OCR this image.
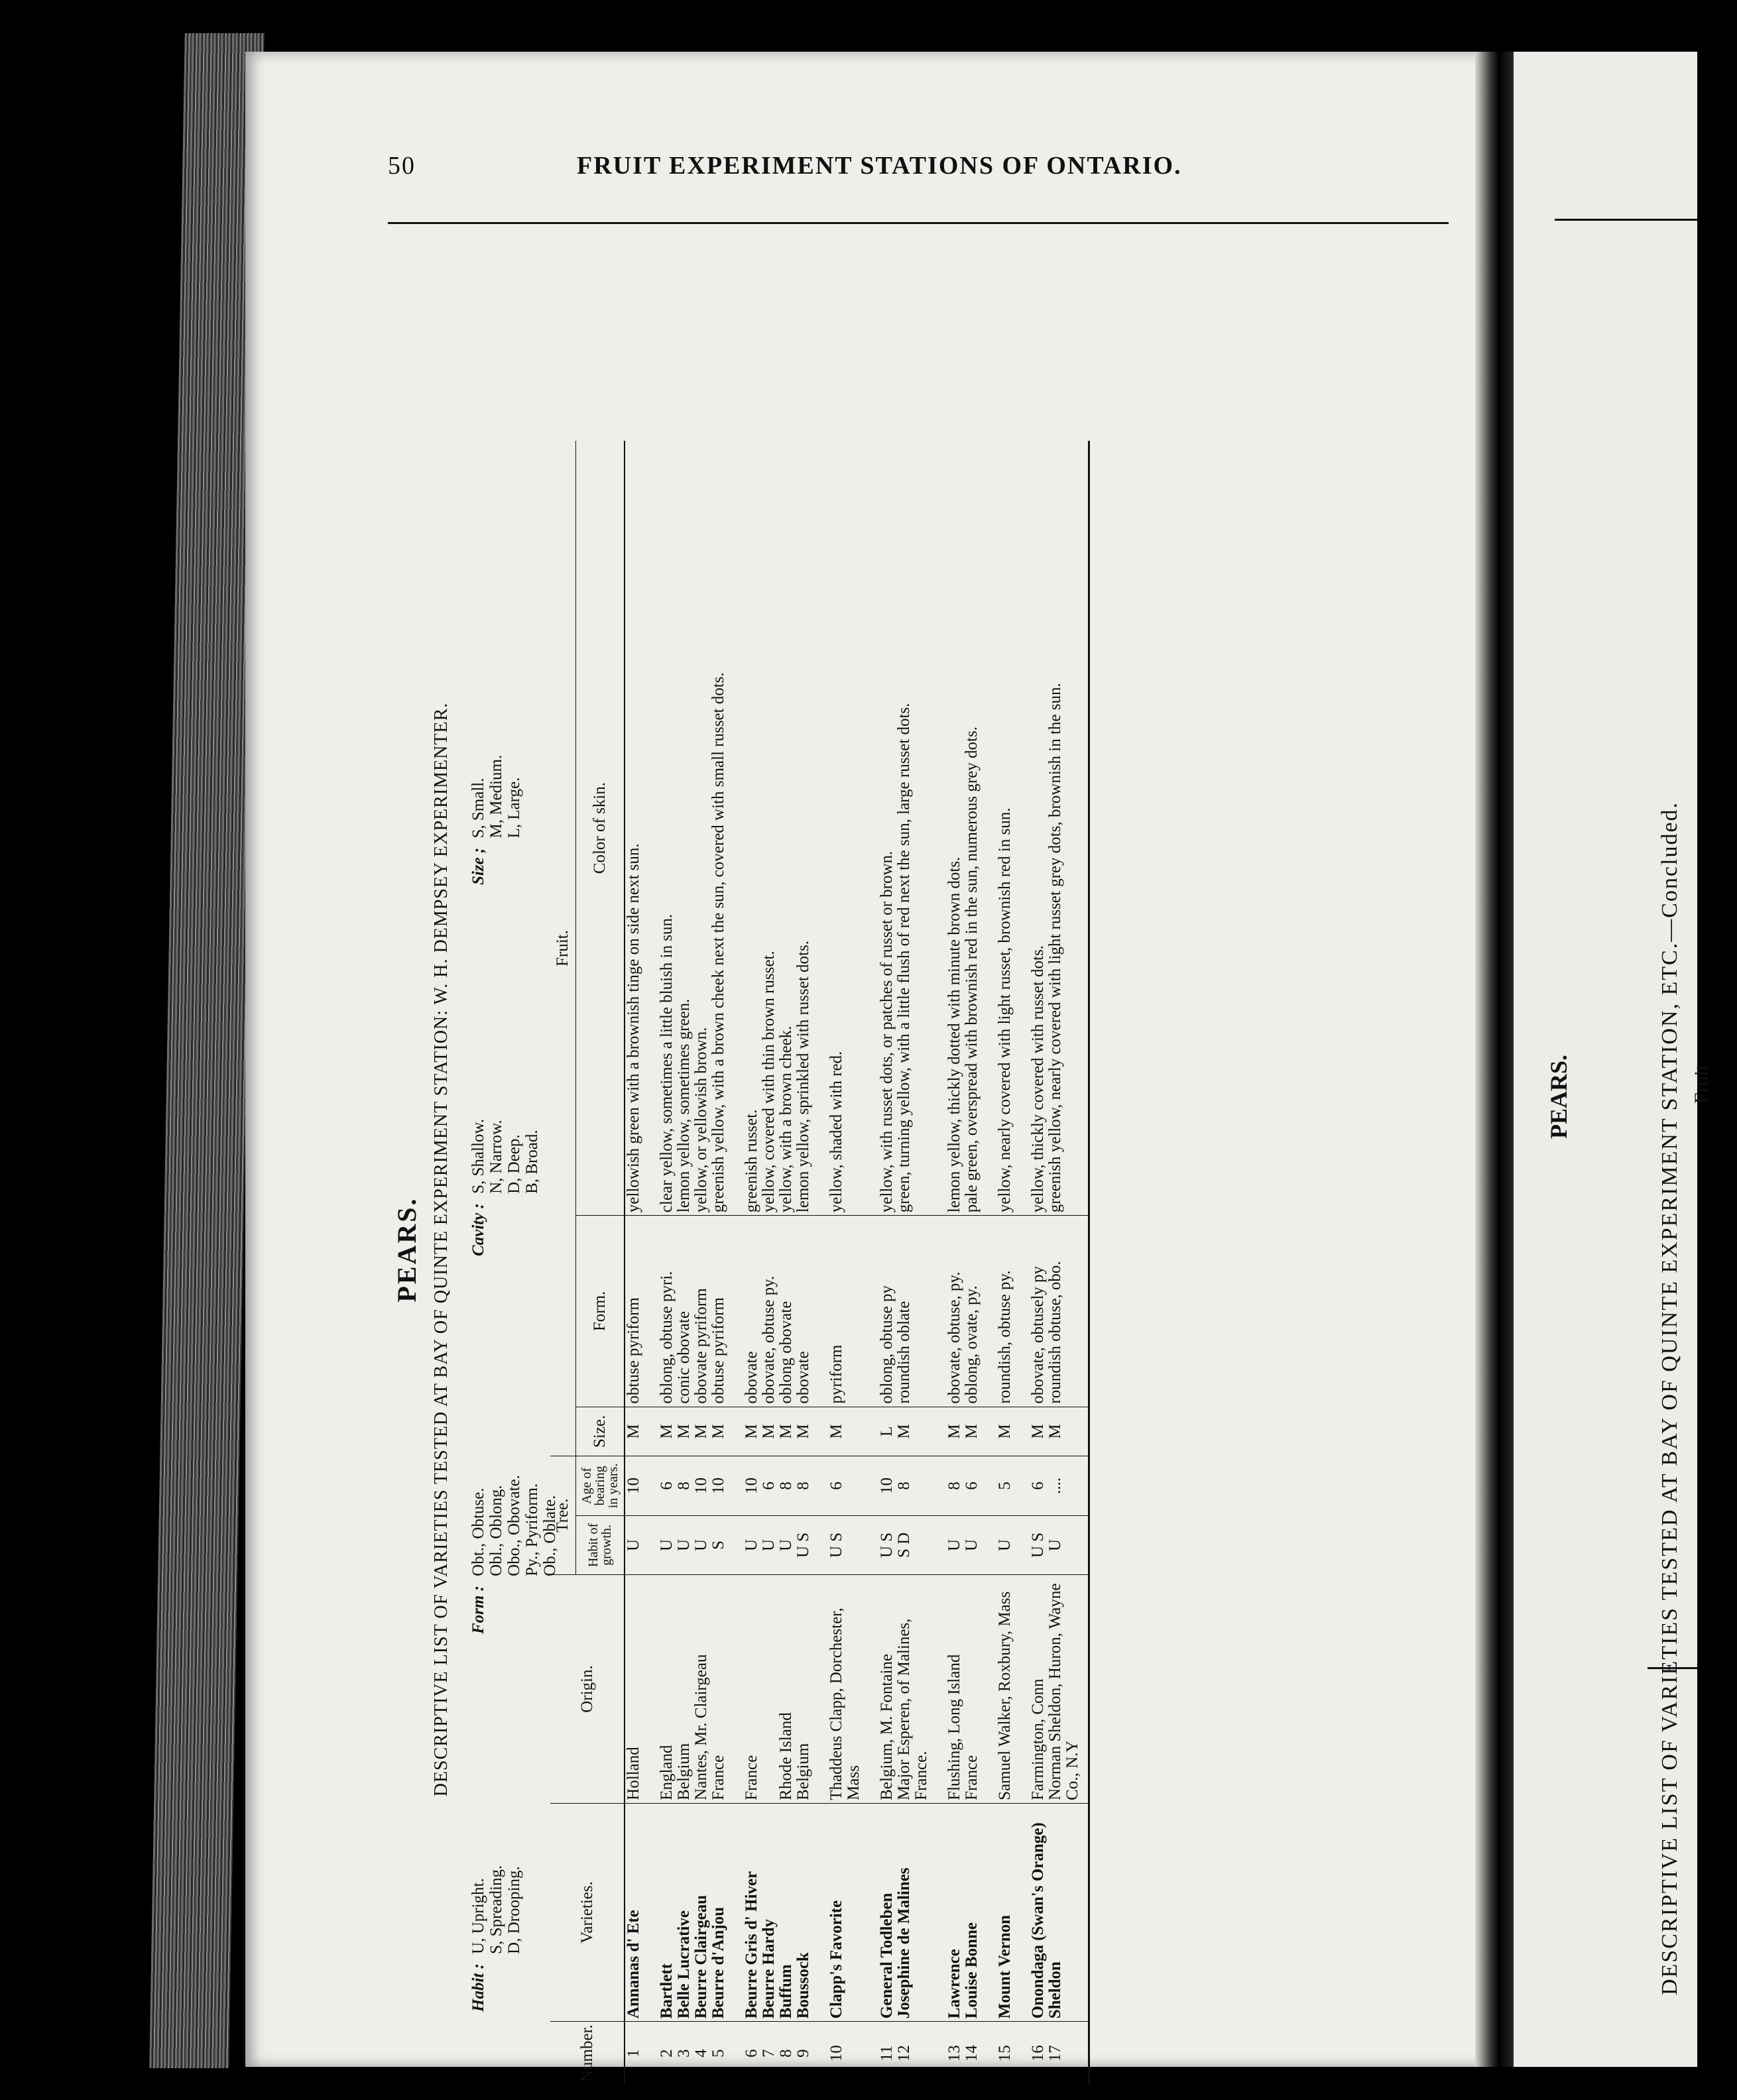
50	FRUIT EXPERIMENT STATIONS OF ONTARIO.
PEARS. DESCRIPTIVE LIST OF VARIETIES TESTED AT BAY OF QUINTE EXPERIMENT STATION: W. H. DEMPSEY EXPERIMENTER.
Habit :
U, Upright. S, Spreading. D, Drooping.
Form :
Obt., Obtuse. Obl., Oblong. Obo., Obovate. Py., Pyriform. Ob., Oblate.
Cavity :
S, Shallow. N, Narrow. D, Deep. B, Broad.
Size ;
S, Small. M, Medium. L, Large.
Number.	Varieties.	Origin.	Tree.		Fruit.		
			Habit of growth.	Age of bearing in years.	Size.	Form.	Color of skin.
1	Annanas d' Ete	Holland	U	10	M	obtuse pyriform	yellowish green with a brownish tinge on side next sun.
2	Bartlett	England	U	6	M	oblong, obtuse pyri.	clear yellow, sometimes a little bluish in sun.
3	Belle Lucrative	Belgium	U	8	M	conic obovate	lemon yellow, sometimes green.
4	Beurre Clairgeau	Nantes, Mr. Clairgeau	U	10	M	obovate pyriform	yellow, or yellowish brown.
5	Beurre d'Anjou	France	S	10	M	obtuse pyriform	greenish yellow, with a brown cheek next the sun, covered with small russet dots.
6	Beurre Gris d' Hiver	France	U	10	M	obovate	greenish russet.
7	Beurre Hardy		U	6	M	obovate, obtuse py.	yellow, covered with thin brown russet.
8	Buffum	Rhode Island	U	8	M	oblong obovate	yellow, with a brown cheek.
9	Boussock	Belgium	U S	8	M	obovate	lemon yellow, sprinkled with russet dots.
10	Clapp's Favorite	Thaddeus Clapp, Dorchester, Mass	U S	6	M	pyriform	yellow, shaded with red.
11	General Todleben	Belgium, M. Fontaine	U S	10	L	oblong, obtuse py	yellow, with russet dots, or patches of russet or brown.
12	Josephine de Malines	Major Esperen, of Malines, France.	S D	8	M	roundish oblate	green, turning yellow, with a little flush of red next the sun, large russet dots.
13	Lawrence	Flushing, Long Island	U	8	M	obovate, obtuse, py.	lemon yellow, thickly dotted with minute brown dots.
14	Louise Bonne	France	U	6	M	oblong, ovate, py.	pale green, overspread with brownish red in the sun, numerous grey dots.
15	Mount Vernon	Samuel Walker, Roxbury, Mass	U	5	M	roundish, obtuse py.	yellow, nearly covered with light russet, brownish red in sun.
16	Onondaga (Swan's Orange)	Farmington, Conn	U S	6	M	obovate, obtusely py	yellow, thickly covered with russet dots.
17	Sheldon	Norman Sheldon, Huron, Wayne Co., N.Y	U	....	M	roundish obtuse, obo.	greenish yellow, nearly covered with light russet grey dots, brownish in the sun.	PEARS.	DESCRIPTIVE LIST OF VARIETIES TESTED AT BAY OF QUINTE EXPERIMENT STATION, ETC.—Concluded. Fruit
